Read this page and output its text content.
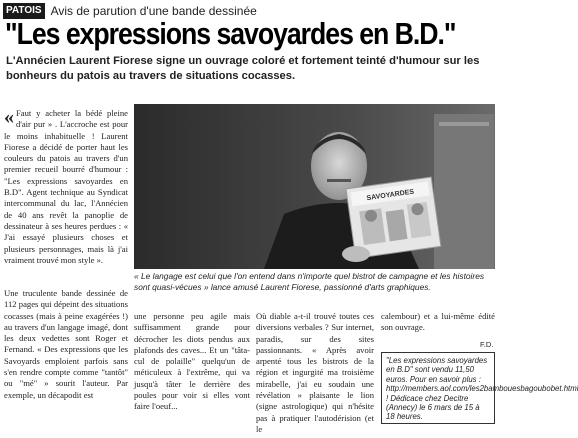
PATOIS Avis de parution d'une bande dessinée
"Les expressions savoyardes en B.D."
L'Annécien Laurent Fiorese signe un ouvrage coloré et fortement teinté d'humour sur les bonheurs du patois au travers de situations cocasses.
« Faut y acheter la bédé pleine d'air pur » . L'accroche est pour le moins inhabituelle ! Laurent Fiorese a décidé de porter haut les couleurs du patois au travers d'un premier recueil bourré d'humour : "Les expressions savoyardes en B.D". Agent technique au Syndicat intercommunal du lac, l'Annécien de 40 ans revêt la panoplie de dessinateur à ses heures perdues : « J'ai essayé plusieurs choses et plusieurs personnages, mais là j'ai vraiment trouvé mon style ».

Une truculente bande dessinée de 112 pages qui dépeint des situations cocasses (mais à peine exagérées !) au travers d'un langage imagé, dont les deux vedettes sont Roger et Fernand. « Des expressions que les Savoyards emploient parfois sans s'en rendre compte comme "tantôt" ou "mé" » sourit l'auteur. Par exemple, un décapodit est

SAVOYARDES
« Le langage est celui que l'on entend dans n'importe quel bistrot de campagne et les histoires sont quasi-vécues » lance amusé Laurent Fiorese, passionné d'arts graphiques.

une personne peu agile mais suffisamment grande pour décrocher les diots pendus aux plafonds des caves... Et un "tâta-cul de polaille" quelqu'un de méticuleux à l'extrême, qui va jusqu'à tâter le derrière des poules pour voir si elles vont faire l'oeuf...

Où diable a-t-il trouvé toutes ces diversions verbales ? Sur internet, paradis, sur des sites passionnants. « Après avoir arpenté tous les bistrots de la région et ingurgité ma troisième mirabelle, j'ai eu soudain une révélation » plaisante le lion (signe astrologique) qui n'hésite pas à pratiquer l'autodérision (et le

calembour) et a lui-même édité son ouvrage.

F.D.
"Les expressions savoyardes en B.D" sont vendu 11,50 euros. Pour en savoir plus : http://members.aol.com/les2bambouesbagoubobet.html ! Dédicace chez Decitre (Annecy) le 6 mars de 15 à 18 heures.
